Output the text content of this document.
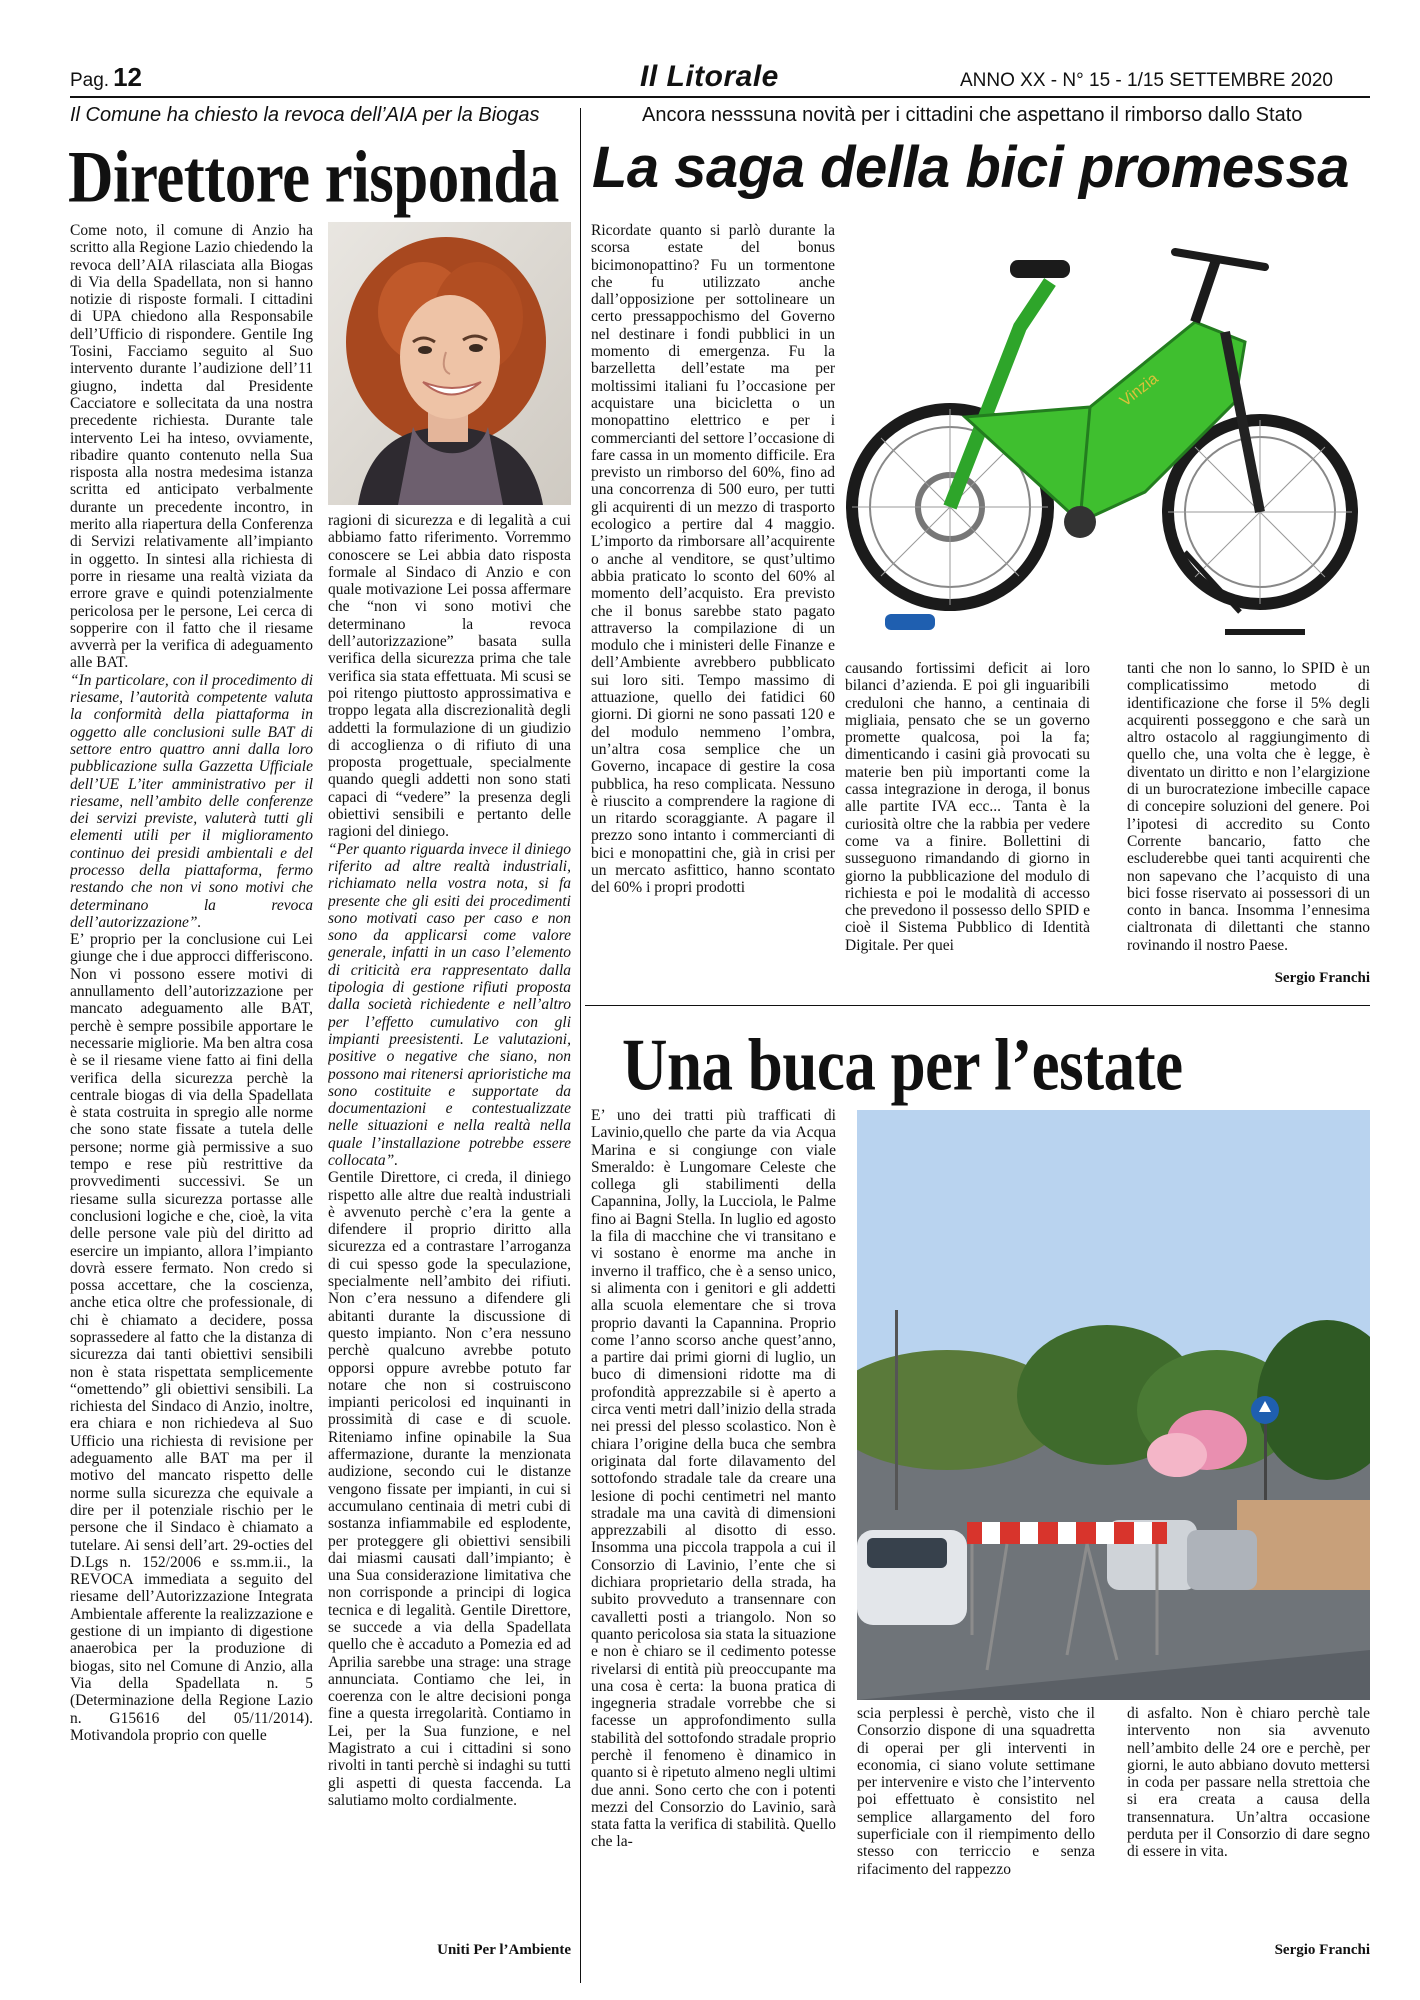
Pag. 12	Il Litorale	ANNO XX - N° 15 - 1/15 SETTEMBRE 2020
Il Comune ha chiesto la revoca dell’AIA per la Biogas
Direttore risponda

Come noto, il comune di Anzio ha scritto alla Regione Lazio chiedendo la revoca dell’AIA rilasciata alla Biogas di Via della Spadellata, non si hanno notizie di risposte formali. I cittadini di UPA chiedono alla Responsabile dell’Ufficio di rispondere. Gentile Ing Tosini, Facciamo seguito al Suo intervento durante l’audizione dell’11 giugno, indetta dal Presidente Cacciatore e sollecitata da una nostra precedente richiesta. Durante tale intervento Lei ha inteso, ovviamente, ribadire quanto contenuto nella Sua risposta alla nostra medesima istanza scritta ed anticipato verbalmente durante un precedente incontro, in merito alla riapertura della Conferenza di Servizi relativamente all’impianto in oggetto. In sintesi alla richiesta di porre in riesame una realtà viziata da errore grave e quindi potenzialmente pericolosa per le persone, Lei cerca di sopperire con il fatto che il riesame avverrà per la verifica di adeguamento alle BAT.

“In particolare, con il procedimento di riesame, l’autorità competente valuta la conformità della piattaforma in oggetto alle conclusioni sulle BAT di settore entro quattro anni dalla loro pubblicazione sulla Gazzetta Ufficiale dell’UE L’iter amministrativo per il riesame, nell’ambito delle conferenze dei servizi previste, valuterà tutti gli elementi utili per il miglioramento continuo dei presidi ambientali e del processo della piattaforma, fermo restando che non vi sono motivi che determinano la revoca dell’autorizzazione”.

E’ proprio per la conclusione cui Lei giunge che i due approcci differiscono. Non vi possono essere motivi di annullamento dell’autorizzazione per mancato adeguamento alle BAT, perchè è sempre possibile apportare le necessarie migliorie. Ma ben altra cosa è se il riesame viene fatto ai fini della verifica della sicurezza perchè la centrale biogas di via della Spadellata è stata costruita in spregio alle norme che sono state fissate a tutela delle persone; norme già permissive a suo tempo e rese più restrittive da provvedimenti successivi. Se un riesame sulla sicurezza portasse alle conclusioni logiche e che, cioè, la vita delle persone vale più del diritto ad esercire un impianto, allora l’impianto dovrà essere fermato. Non credo si possa accettare, che la coscienza, anche etica oltre che professionale, di chi è chiamato a decidere, possa soprassedere al fatto che la distanza di sicurezza dai tanti obiettivi sensibili non è stata rispettata semplicemente “omettendo” gli obiettivi sensibili. La richiesta del Sindaco di Anzio, inoltre, era chiara e non richiedeva al Suo Ufficio una richiesta di revisione per adeguamento alle BAT ma per il motivo del mancato rispetto delle norme sulla sicurezza che equivale a dire per il potenziale rischio per le persone che il Sindaco è chiamato a tutelare. Ai sensi dell’art. 29-octies del D.Lgs n. 152/2006 e ss.mm.ii., la REVOCA immediata a seguito del riesame dell’Autorizzazione Integrata Ambientale afferente la realizzazione e gestione di un impianto di digestione anaerobica per la produzione di biogas, sito nel Comune di Anzio, alla Via della Spadellata n. 5 (Determinazione della Regione Lazio n. G15616 del 05/11/2014). Motivandola proprio con quelle

ragioni di sicurezza e di legalità a cui abbiamo fatto riferimento. Vorremmo conoscere se Lei abbia dato risposta formale al Sindaco di Anzio e con quale motivazione Lei possa affermare che “non vi sono motivi che determinano la revoca dell’autorizzazione” basata sulla verifica della sicurezza prima che tale verifica sia stata effettuata. Mi scusi se poi ritengo piuttosto approssimativa e troppo legata alla discrezionalità degli addetti la formulazione di un giudizio di accoglienza o di rifiuto di una proposta progettuale, specialmente quando quegli addetti non sono stati capaci di “vedere” la presenza degli obiettivi sensibili e pertanto delle ragioni del diniego.

“Per quanto riguarda invece il diniego riferito ad altre realtà industriali, richiamato nella vostra nota, si fa presente che gli esiti dei procedimenti sono motivati caso per caso e non sono da applicarsi come valore generale, infatti in un caso l’elemento di criticità era rappresentato dalla tipologia di gestione rifiuti proposta dalla società richiedente e nell’altro per l’effetto cumulativo con gli impianti preesistenti. Le valutazioni, positive o negative che siano, non possono mai ritenersi aprioristiche ma sono costituite e supportate da documentazioni e contestualizzate nelle situazioni e nella realtà nella quale l’installazione potrebbe essere collocata”.

Gentile Direttore, ci creda, il diniego rispetto alle altre due realtà industriali è avvenuto perchè c’era la gente a difendere il proprio diritto alla sicurezza ed a contrastare l’arroganza di cui spesso gode la speculazione, specialmente nell’ambito dei rifiuti. Non c’era nessuno a difendere gli abitanti durante la discussione di questo impianto. Non c’era nessuno perchè qualcuno avrebbe potuto opporsi oppure avrebbe potuto far notare che non si costruiscono impianti pericolosi ed inquinanti in prossimità di case e di scuole. Riteniamo infine opinabile la Sua affermazione, durante la menzionata audizione, secondo cui le distanze vengono fissate per impianti, in cui si accumulano centinaia di metri cubi di sostanza infiammabile ed esplodente, per proteggere gli obiettivi sensibili dai miasmi causati dall’impianto; è una Sua considerazione limitativa che non corrisponde a principi di logica tecnica e di legalità. Gentile Direttore, se succede a via della Spadellata quello che è accaduto a Pomezia ed ad Aprilia sarebbe una strage: una strage annunciata. Contiamo che lei, in coerenza con le altre decisioni ponga fine a questa irregolarità. Contiamo in Lei, per la Sua funzione, e nel Magistrato a cui i cittadini si sono rivolti in tanti perchè si indaghi su tutti gli aspetti di questa faccenda. La salutiamo molto cordialmente.

Uniti Per l’Ambiente
Ancora nesssuna novità per i cittadini che aspettano il rimborso dallo Stato
La saga della bici promessa

Ricordate quanto si parlò durante la scorsa estate del bonus bicimonopattino? Fu un tormentone che fu utilizzato anche dall’opposizione per sottolineare un certo pressappochismo del Governo nel destinare i fondi pubblici in un momento di emergenza. Fu la barzelletta dell’estate ma per moltissimi italiani fu l’occasione per acquistare una bicicletta o un monopattino elettrico e per i commercianti del settore l’occasione di fare cassa in un momento difficile. Era previsto un rimborso del 60%, fino ad una concorrenza di 500 euro, per tutti gli acquirenti di un mezzo di trasporto ecologico a pertire dal 4 maggio. L’importo da rimborsare all’acquirente o anche al venditore, se qust’ultimo abbia praticato lo sconto del 60% al momento dell’acquisto. Era previsto che il bonus sarebbe stato pagato attraverso la compilazione di un modulo che i ministeri delle Finanze e dell’Ambiente avrebbero pubblicato sui loro siti. Tempo massimo di attuazione, quello dei fatidici 60 giorni. Di giorni ne sono passati 120 e del modulo nemmeno l’ombra, un’altra cosa semplice che un Governo, incapace di gestire la cosa pubblica, ha reso complicata. Nessuno è riuscito a comprendere la ragione di un ritardo scoraggiante. A pagare il prezzo sono intanto i commercianti di bici e monopattini che, già in crisi per un mercato asfittico, hanno scontato del 60% i propri prodotti

Vinzia

causando fortissimi deficit ai loro bilanci d’azienda. E poi gli inguaribili creduloni che hanno, a centinaia di migliaia, pensato che se un governo promette qualcosa, poi la fa; dimenticando i casini già provocati su materie ben più importanti come la cassa integrazione in deroga, il bonus alle partite IVA ecc... Tanta è la curiosità oltre che la rabbia per vedere come va a finire. Bollettini di susseguono rimandando di giorno in giorno la pubblicazione del modulo di richiesta e poi le modalità di accesso che prevedono il possesso dello SPID e cioè il Sistema Pubblico di Identità Digitale. Per quei

tanti che non lo sanno, lo SPID è un complicatissimo metodo di identificazione che forse il 5% degli acquirenti posseggono e che sarà un altro ostacolo al raggiungimento di quello che, una volta che è legge, è diventato un diritto e non l’elargizione di un burocratezione imbecille capace di concepire soluzioni del genere. Poi l’ipotesi di accredito su Conto Corrente bancario, fatto che escluderebbe quei tanti acquirenti che non sapevano che l’acquisto di una bici fosse riservato ai possessori di un conto in banca. Insomma l’ennesima cialtronata di dilettanti che stanno rovinando il nostro Paese.

Sergio Franchi
Una buca per l’estate

E’ uno dei tratti più trafficati di Lavinio,quello che parte da via Acqua Marina e si congiunge con viale Smeraldo: è Lungomare Celeste che collega gli stabilimenti della Capannina, Jolly, la Lucciola, le Palme fino ai Bagni Stella. In luglio ed agosto la fila di macchine che vi transitano e vi sostano è enorme ma anche in inverno il traffico, che è a senso unico, si alimenta con i genitori e gli addetti alla scuola elementare che si trova proprio davanti la Capannina. Proprio come l’anno scorso anche quest’anno, a partire dai primi giorni di luglio, un buco di dimensioni ridotte ma di profondità apprezzabile si è aperto a circa venti metri dall’inizio della strada nei pressi del plesso scolastico. Non è chiara l’origine della buca che sembra originata dal forte dilavamento del sottofondo stradale tale da creare una lesione di pochi centimetri nel manto stradale ma una cavità di dimensioni apprezzabili al disotto di esso. Insomma una piccola trappola a cui il Consorzio di Lavinio, l’ente che si dichiara proprietario della strada, ha subito provveduto a transennare con cavalletti posti a triangolo. Non so quanto pericolosa sia stata la situazione e non è chiaro se il cedimento potesse rivelarsi di entità più preoccupante ma una cosa è certa: la buona pratica di ingegneria stradale vorrebbe che si facesse un approfondimento sulla stabilità del sottofondo stradale proprio perchè il fenomeno è dinamico in quanto si è ripetuto almeno negli ultimi due anni. Sono certo che con i potenti mezzi del Consorzio do Lavinio, sarà stata fatta la verifica di stabilità. Quello che la-

scia perplessi è perchè, visto che il Consorzio dispone di una squadretta di operai per gli interventi in economia, ci siano volute settimane per intervenire e visto che l’intervento poi effettuato è consistito nel semplice allargamento del foro superficiale con il riempimento dello stesso con terriccio e senza rifacimento del rappezzo

di asfalto. Non è chiaro perchè tale intervento non sia avvenuto nell’ambito delle 24 ore e perchè, per giorni, le auto abbiano dovuto mettersi in coda per passare nella strettoia che si era creata a causa della transennatura. Un’altra occasione perduta per il Consorzio di dare segno di essere in vita.

Sergio Franchi
